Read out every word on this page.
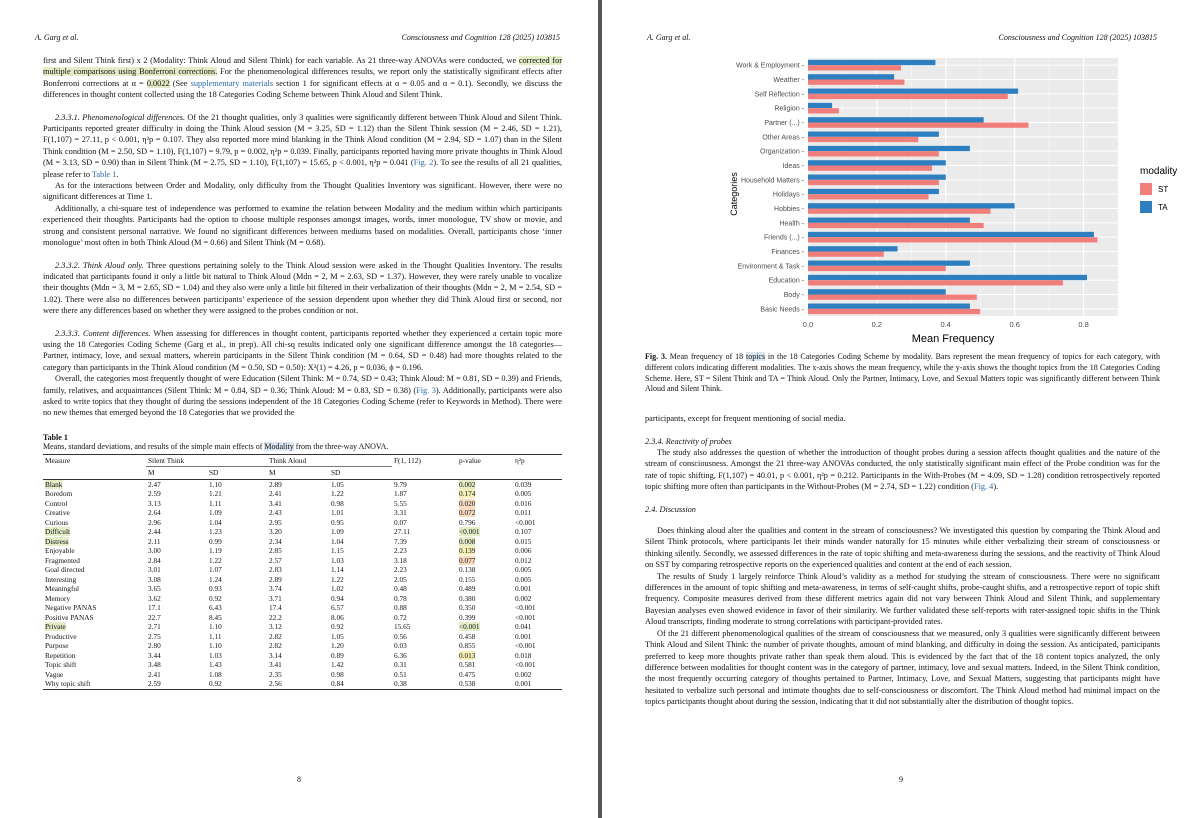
A. Garg et al.	Consciousness and Cognition 128 (2025) 103815
first and Silent Think first) x 2 (Modality: Think Aloud and Silent Think) for each variable. As 21 three-way ANOVAs were conducted, we corrected for multiple comparisons using Bonferroni corrections. For the phenomenological differences results, we report only the statistically significant effects after Bonferroni corrections at α = 0.0022 (See supplementary materials section 1 for significant effects at α = 0.05 and α = 0.1). Secondly, we discuss the differences in thought content collected using the 18 Categories Coding Scheme between Think Aloud and Silent Think.
2.3.3.1. Phenomenological differences. Of the 21 thought qualities, only 3 qualities were significantly different between Think Aloud and Silent Think. Participants reported greater difficulty in doing the Think Aloud session (M = 3.25, SD = 1.12) than the Silent Think session (M = 2.46, SD = 1.21), F(1,107) = 27.11, p < 0.001, η²p = 0.107. They also reported more mind blanking in the Think Aloud condition (M = 2.94, SD = 1.07) than in the Silent Think condition (M = 2.50, SD = 1.10), F(1,107) = 9.79, p = 0.002, η²p = 0.039. Finally, participants reported having more private thoughts in Think Aloud (M = 3.13, SD = 0.90) than in Silent Think (M = 2.75, SD = 1.10), F(1,107) = 15.65, p < 0.001, η²p = 0.041 (Fig. 2). To see the results of all 21 qualities, please refer to Table 1.
As for the interactions between Order and Modality, only difficulty from the Thought Qualities Inventory was significant. However, there were no significant differences at Time 1.
Additionally, a chi-square test of independence was performed to examine the relation between Modality and the medium within which participants experienced their thoughts. Participants had the option to choose multiple responses amongst images, words, inner monologue, TV show or movie, and strong and consistent personal narrative. We found no significant differences between mediums based on modalities. Overall, participants chose ‘inner monologue’ most often in both Think Aloud (M = 0.66) and Silent Think (M = 0.68).
2.3.3.2. Think Aloud only. Three questions pertaining solely to the Think Aloud session were asked in the Thought Qualities Inventory. The results indicated that participants found it only a little bit natural to Think Aloud (Mdn = 2, M = 2.63, SD = 1.37). However, they were rarely unable to vocalize their thoughts (Mdn = 3, M = 2.65, SD = 1.04) and they also were only a little bit filtered in their verbalization of their thoughts (Mdn = 2, M = 2.54, SD = 1.02). There were also no differences between participants’ experience of the session dependent upon whether they did Think Aloud first or second, nor were there any differences based on whether they were assigned to the probes condition or not.
2.3.3.3. Content differences. When assessing for differences in thought content, participants reported whether they experienced a certain topic more using the 18 Categories Coding Scheme (Garg et al., in prep). All chi-sq results indicated only one significant difference amongst the 18 categories—Partner, intimacy, love, and sexual matters, wherein participants in the Silent Think condition (M = 0.64, SD = 0.48) had more thoughts related to the category than participants in the Think Aloud condition (M = 0.50, SD = 0.50): X²(1) = 4.26, p = 0.036, ϕ = 0.196.
Overall, the categories most frequently thought of were Education (Silent Think: M = 0.74, SD = 0.43; Think Aloud: M = 0.81, SD = 0.39) and Friends, family, relatives, and acquaintances (Silent Think: M = 0.84, SD = 0.36; Think Aloud: M = 0.83, SD = 0.38) (Fig. 3). Additionally, participants were also asked to write topics that they thought of during the sessions independent of the 18 Categories Coding Scheme (refer to Keywords in Method). There were no new themes that emerged beyond the 18 Categories that we provided the
Table 1
Means, standard deviations, and results of the simple main effects of Modality from the three-way ANOVA.
Measure	Silent Think		Think Aloud		F(1, 112)	p-value	η²p
	M	SD	M	SD			
Blank	2.47	1.10	2.89	1.05	9.79	0.002	0.039
Boredom	2.59	1.21	2.41	1.22	1.87	0.174	0.005
Control	3.13	1.11	3.41	0.98	5.55	0.020	0.016
Creative	2.64	1.09	2.43	1.01	3.31	0.072	0.011
Curious	2.96	1.04	2.95	0.95	0.07	0.796	<0.001
Difficult	2.44	1.23	3.20	1.09	27.11	<0.001	0.107
Distress	2.11	0.99	2.34	1.04	7.39	0.008	0.015
Enjoyable	3.00	1.19	2.85	1.15	2.23	0.139	0.006
Fragmented	2.84	1.22	2.57	1.03	3.18	0.077	0.012
Goal directed	3.01	1.07	2.83	1.14	2.23	0.138	0.005
Interesting	3.08	1.24	2.89	1.22	2.05	0.155	0.005
Meaningful	3.65	0.93	3.74	1.02	0.48	0.489	0.001
Memory	3.62	0.92	3.71	0.94	0.78	0.380	0.002
Negative PANAS	17.1	6.43	17.4	6.57	0.88	0.350	<0.001
Positive PANAS	22.7	8.45	22.2	8.06	0.72	0.399	<0.001
Private	2.71	1.10	3.12	0.92	15.65	<0.001	0.041
Productive	2.75	1.11	2.82	1.05	0.56	0.458	0.001
Purpose	2.80	1.10	2.82	1.20	0.03	0.855	<0.001
Repetition	3.44	1.03	3.14	0.89	6.36	0.013	0.018
Topic shift	3.48	1.43	3.41	1.42	0.31	0.581	<0.001
Vague	2.41	1.08	2.35	0.98	0.51	0.475	0.002
Why topic shift	2.59	0.92	2.56	0.84	0.38	0.538	0.001
8
A. Garg et al.	Consciousness and Cognition 128 (2025) 103815
Work & Employment -
Weather -
Self Reflection -
Religion -
Partner (...) -
Other Areas -
Organization -
Ideas -
Household Matters -
Holidays -
Hobbies -
Health -
Friends (...) -
Finances -
Environment & Task -
Education -
Body -
Basic Needs -
0.0	0.2	0.4	0.6	0.8
Mean Frequency
Categories
modality
ST
TA
Fig. 3. Mean frequency of 18 topics in the 18 Categories Coding Scheme by modality. Bars represent the mean frequency of topics for each category, with different colors indicating different modalities. The x-axis shows the mean frequency, while the y-axis shows the thought topics from the 18 Categories Coding Scheme. Here, ST = Silent Think and TA = Think Aloud. Only the Partner, Intimacy, Love, and Sexual Matters topic was significantly different between Think Aloud and Silent Think.
participants, except for frequent mentioning of social media.
2.3.4. Reactivity of probes
The study also addresses the question of whether the introduction of thought probes during a session affects thought qualities and the nature of the stream of consciousness. Amongst the 21 three-way ANOVAs conducted, the only statistically significant main effect of the Probe condition was for the rate of topic shifting, F(1,107) = 40.01, p < 0.001, η²p = 0.212. Participants in the With-Probes (M = 4.09, SD = 1.28) condition retrospectively reported topic shifting more often than participants in the Without-Probes (M = 2.74, SD = 1.22) condition (Fig. 4).
2.4. Discussion
Does thinking aloud alter the qualities and content in the stream of consciousness? We investigated this question by comparing the Think Aloud and Silent Think protocols, where participants let their minds wander naturally for 15 minutes while either verbalizing their stream of consciousness or thinking silently. Secondly, we assessed differences in the rate of topic shifting and meta-awareness during the sessions, and the reactivity of Think Aloud on SST by comparing retrospective reports on the experienced qualities and content at the end of each session.
The results of Study 1 largely reinforce Think Aloud’s validity as a method for studying the stream of consciousness. There were no significant differences in the amount of topic shifting and meta-awareness, in terms of self-caught shifts, probe-caught shifts, and a retrospective report of topic shift frequency. Composite measures derived from these different metrics again did not vary between Think Aloud and Silent Think, and supplementary Bayesian analyses even showed evidence in favor of their similarity. We further validated these self-reports with rater-assigned topic shifts in the Think Aloud transcripts, finding moderate to strong correlations with participant-provided rates.
Of the 21 different phenomenological qualities of the stream of consciousness that we measured, only 3 qualities were significantly different between Think Aloud and Silent Think: the number of private thoughts, amount of mind blanking, and difficulty in doing the session. As anticipated, participants preferred to keep more thoughts private rather than speak them aloud. This is evidenced by the fact that of the 18 content topics analyzed, the only difference between modalities for thought content was in the category of partner, intimacy, love and sexual matters. Indeed, in the Silent Think condition, the most frequently occurring category of thoughts pertained to Partner, Intimacy, Love, and Sexual Matters, suggesting that participants might have hesitated to verbalize such personal and intimate thoughts due to self-consciousness or discomfort. The Think Aloud method had minimal impact on the topics participants thought about during the session, indicating that it did not substantially alter the distribution of thought topics.
9
